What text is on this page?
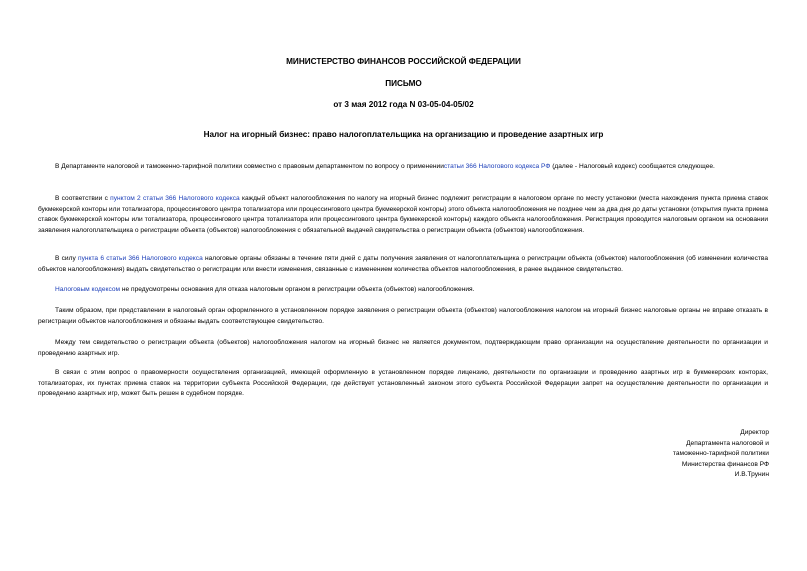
МИНИСТЕРСТВО ФИНАНСОВ РОССИЙСКОЙ ФЕДЕРАЦИИ
ПИСЬМО
от 3 мая 2012 года N 03-05-04-05/02
Налог на игорный бизнес: право налогоплательщика на организацию и проведение азартных игр
В Департаменте налоговой и таможенно-тарифной политики совместно с правовым департаментом по вопросу о применениистатьи 366 Налогового кодекса РФ (далее - Налоговый кодекс) сообщается следующее.
В соответствии с пунктом 2 статьи 366 Налогового кодекса каждый объект налогообложения по налогу на игорный бизнес подлежит регистрации в налоговом органе по месту установки (места нахождения пункта приема ставок букмекерской конторы или тотализатора, процессингового центра тотализатора или процессингового центра букмекерской конторы) этого объекта налогообложения не позднее чем за два дня до даты установки (открытия пункта приема ставок букмекерской конторы или тотализатора, процессингового центра тотализатора или процессингового центра букмекерской конторы) каждого объекта налогообложения. Регистрация проводится налоговым органом на основании заявления налогоплательщика о регистрации объекта (объектов) налогообложения с обязательной выдачей свидетельства о регистрации объекта (объектов) налогообложения.
В силу пункта 6 статьи 366 Налогового кодекса налоговые органы обязаны в течение пяти дней с даты получения заявления от налогоплательщика о регистрации объекта (объектов) налогообложения (об изменении количества объектов налогообложения) выдать свидетельство о регистрации или внести изменения, связанные с изменением количества объектов налогообложения, в ранее выданное свидетельство.
Налоговым кодексом не предусмотрены основания для отказа налоговым органом в регистрации объекта (объектов) налогообложения.
Таким образом, при представлении в налоговый орган оформленного в установленном порядке заявления о регистрации объекта (объектов) налогообложения налогом на игорный бизнес налоговые органы не вправе отказать в регистрации объектов налогообложения и обязаны выдать соответствующее свидетельство.
Между тем свидетельство о регистрации объекта (объектов) налогообложения налогом на игорный бизнес не является документом, подтверждающим право организации на осуществление деятельности по организации и проведению азартных игр.
В связи с этим вопрос о правомерности осуществления организацией, имеющей оформленную в установленном порядке лицензию, деятельности по организации и проведению азартных игр в букмекерских конторах, тотализаторах, их пунктах приема ставок на территории субъекта Российской Федерации, где действует установленный законом этого субъекта Российской Федерации запрет на осуществление деятельности по организации и проведению азартных игр, может быть решен в судебном порядке.
Директор
Департамента налоговой и
таможенно-тарифной политики
Министерства финансов РФ
И.В.Трунин
